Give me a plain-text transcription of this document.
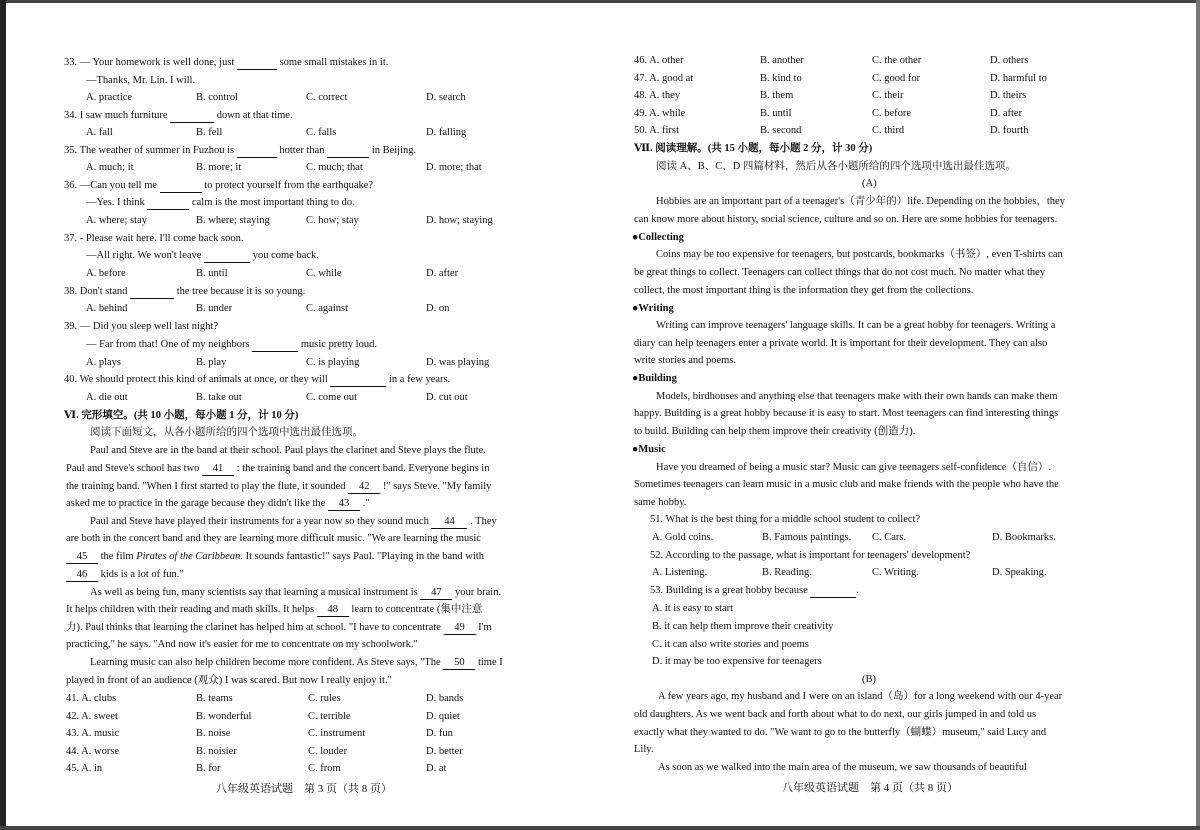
33. — Your homework is well done, just	some small mistakes in it.
—Thanks, Mr. Lin. I will.
A. practice	B. control	C. correct	D. search
34. I saw much furniture	down at that time.
A. fall	B. fell	C. falls	D. falling
35. The weather of summer in Fuzhou is	hotter than	in Beijing.
A. much; it	B. more; it	C. much; that	D. more; that
36. —Can you tell me	to protect yourself from the earthquake?
—Yes. I think	calm is the most important thing to do.
A. where; stay	B. where; staying	C. how; stay	D. how; staying
37. - Please wait here. I'll come back soon.
—All right. We won't leave	you come back.
A. before	B. until	C. while	D. after
38. Don't stand	the tree because it is so young.
A. behind	B. under	C. against	D. on
39. — Did you sleep well last night?
— Far from that! One of my neighbors	music pretty loud.
A. plays	B. play	C. is playing	D. was playing
40. We should protect this kind of animals at once, or they will	in a few years.
A. die out	B. take out	C. come out	D. cut out
Ⅵ. 完形填空。(共 10 小题，每小题 1 分，计 10 分)
阅读下面短文，从各小题所给的四个选项中选出最佳选项。
Paul and Steve are in the band at their school. Paul plays the clarinet and Steve plays the flute.
Paul and Steve's school has two 41 : the training band and the concert band. Everyone begins in
the training band. "When I first started to play the flute, it sounded 42 !" says Steve. "My family
asked me to practice in the garage because they didn't like the 43 ."
Paul and Steve have played their instruments for a year now so they sound much 44 . They
are both in the concert band and they are learning more difficult music. "We are learning the music
45 the film Pirates of the Caribbean. It sounds fantastic!" says Paul. "Playing in the band with
46 kids is a lot of fun."
As well as being fun, many scientists say that learning a musical instrument is 47 your brain.
It helps children with their reading and math skills. It helps 48 learn to concentrate (集中注意
力). Paul thinks that learning the clarinet has helped him at school. "I have to concentrate 49 I'm
practicing," he says. "And now it's easier for me to concentrate on my schoolwork."
Learning music can also help children become more confident. As Steve says, "The 50 time I
played in front of an audience (观众) I was scared. But now I really enjoy it."
41. A. clubs	B. teams	C. rules	D. bands
42. A. sweet	B. wonderful	C. terrible	D. quiet
43. A. music	B. noise	C. instrument	D. fun
44. A. worse	B. noisier	C. louder	D. better
45. A. in	B. for	C. from	D. at
八年级英语试题　第 3 页（共 8 页）
46. A. other	B. another	C. the other	D. others
47. A. good at	B. kind to	C. good for	D. harmful to
48. A. they	B. them	C. their	D. theirs
49. A. while	B. until	C. before	D. after
50. A. first	B. second	C. third	D. fourth
Ⅶ. 阅读理解。(共 15 小题，每小题 2 分，计 30 分)
阅读 A、B、C、D 四篇材料，然后从各小题所给的四个选项中选出最佳选项。
(A)
Hobbies are an important part of a teenager's（青少年的）life. Depending on the hobbies，they
can know more about history, social science, culture and so on. Here are some hobbies for teenagers.
●Collecting
Coins may be too expensive for teenagers, but postcards, bookmarks（书签）, even T-shirts can
be great things to collect. Teenagers can collect things that do not cost much. No matter what they
collect, the most important thing is the information they get from the collections.
●Writing
Writing can improve teenagers' language skills. It can be a great hobby for teenagers. Writing a
diary can help teenagers enter a private world. It is important for their development. They can also
write stories and poems.
●Building
Models, birdhouses and anything else that teenagers make with their own hands can make them
happy. Building is a great hobby because it is easy to start. Most teenagers can find interesting things
to build. Building can help them improve their creativity (创造力).
●Music
Have you dreamed of being a music star? Music can give teenagers self-confidence（自信）.
Sometimes teenagers can learn music in a music club and make friends with the people who have the
same hobby.
51. What is the best thing for a middle school student to collect?
A. Gold coins.	B. Famous paintings. C. Cars.	D. Bookmarks.
52. According to the passage, what is important for teenagers' development?
A. Listening.	B. Reading.	C. Writing.	D. Speaking.
53. Building is a great hobby because	.
A. it is easy to start
B. it can help them improve their creativity
C. it can also write stories and poems
D. it may be too expensive for teenagers
(B)
A few years ago, my husband and I were on an island（岛）for a long weekend with our 4-year
old daughters. As we went back and forth about what to do next, our girls jumped in and told us
exactly what they wanted to do. "We want to go to the butterfly（蝴蝶）museum," said Lucy and
Lily.
As soon as we walked into the main area of the museum, we saw thousands of beautiful
八年级英语试题　第 4 页（共 8 页）
